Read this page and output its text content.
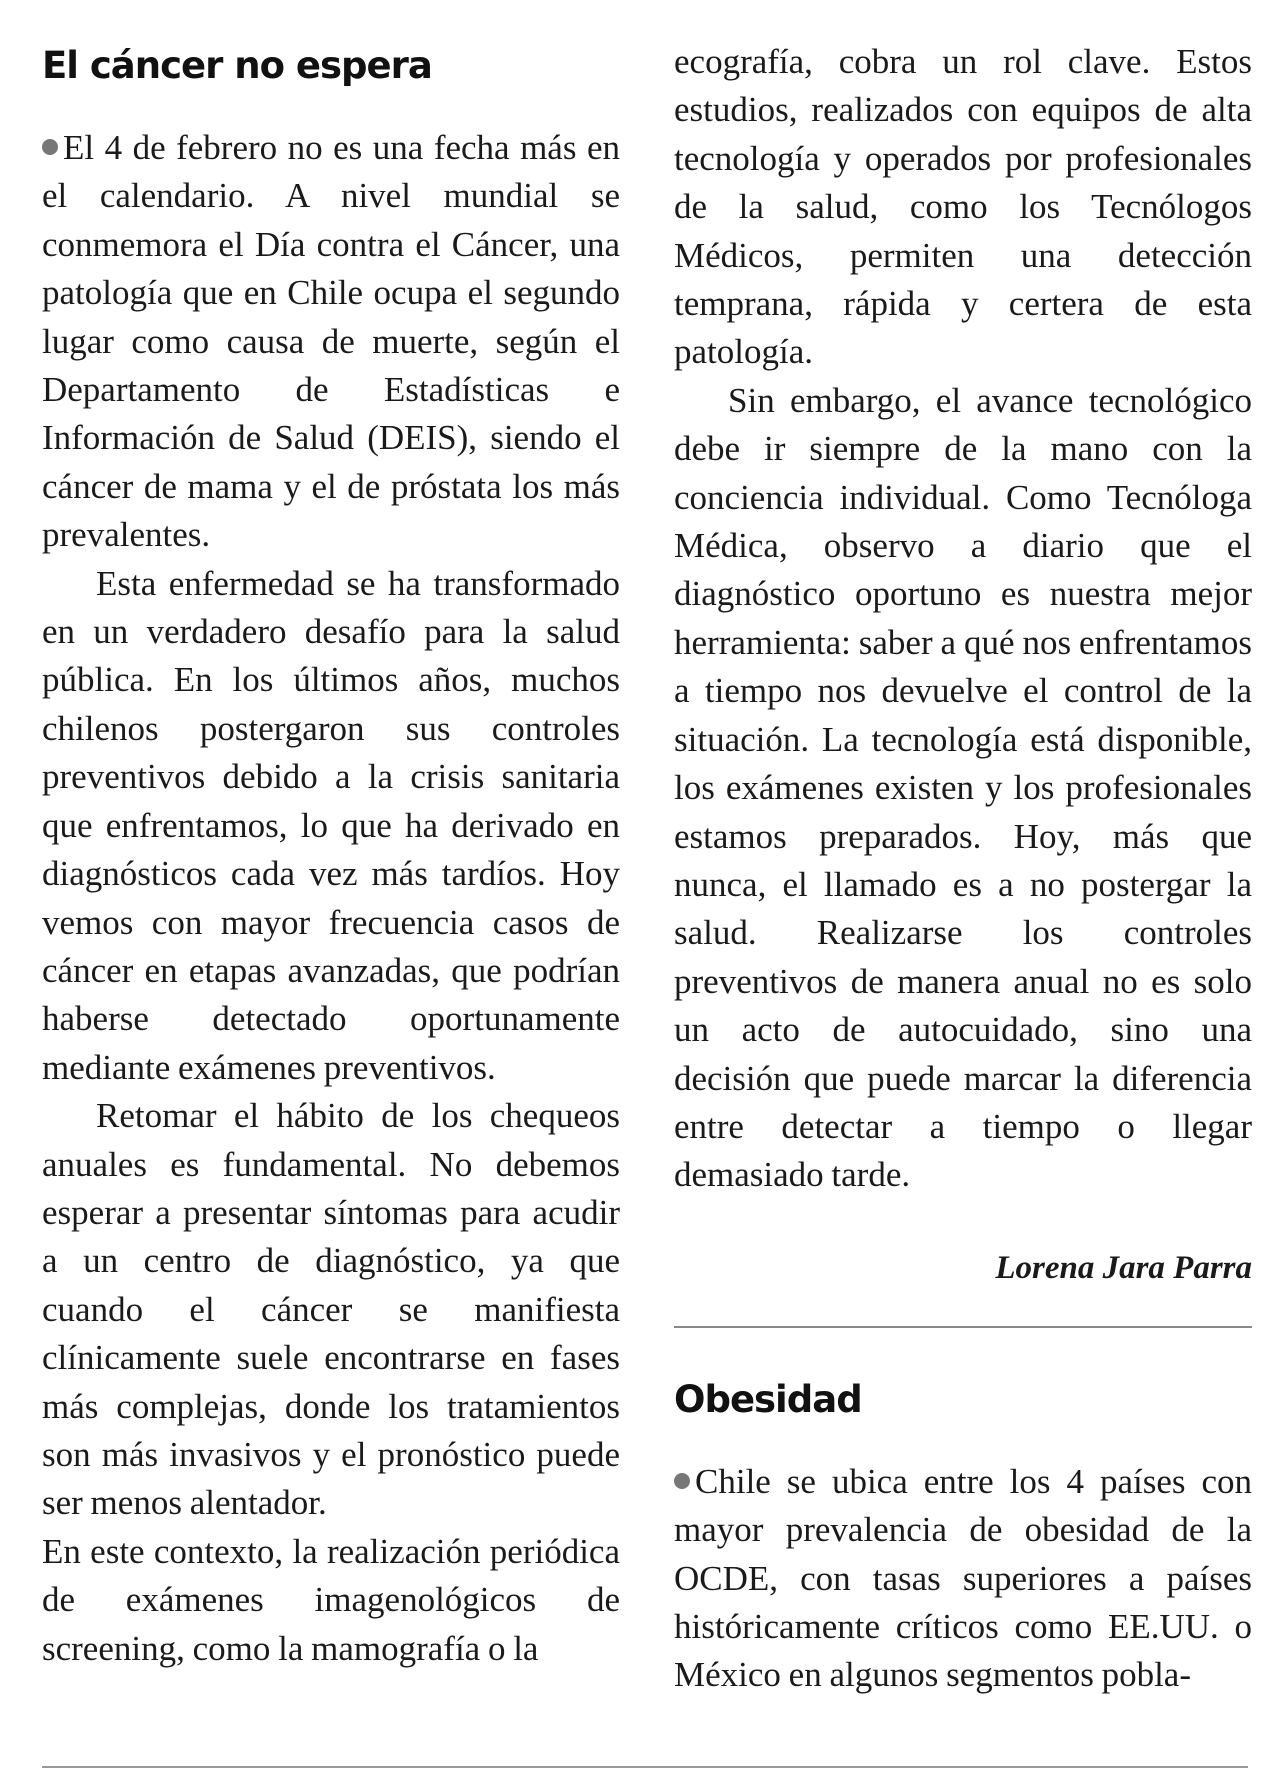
El cáncer no espera

El 4 de febrero no es una fecha más en el calendario. A nivel mundial se conmemora el Día contra el Cáncer, una patología que en Chile ocupa el segundo lugar como causa de muerte, según el Departamento de Estadísticas e Información de Salud (DEIS), siendo el cáncer de mama y el de próstata los más prevalentes.

Esta enfermedad se ha transformado en un verdadero desafío para la salud pública. En los últimos años, muchos chilenos postergaron sus controles preventivos debido a la crisis sanitaria que enfrentamos, lo que ha derivado en diagnósticos cada vez más tardíos. Hoy vemos con mayor frecuencia casos de cáncer en etapas avanzadas, que podrían haberse detectado oportunamente mediante exámenes preventivos.

Retomar el hábito de los chequeos anuales es fundamental. No debemos esperar a presentar síntomas para acudir a un centro de diagnóstico, ya que cuando el cáncer se manifiesta clínicamente suele encontrarse en fases más complejas, donde los tratamientos son más invasivos y el pronóstico puede ser menos alentador.

En este contexto, la realización periódica de exámenes imagenológicos de screening, como la mamografía o la

ecografía, cobra un rol clave. Estos estudios, realizados con equipos de alta tecnología y operados por profesionales de la salud, como los Tecnólogos Médicos, permiten una detección temprana, rápida y certera de esta patología.

Sin embargo, el avance tecnológico debe ir siempre de la mano con la conciencia individual. Como Tecnóloga Médica, observo a diario que el diagnóstico oportuno es nuestra mejor herramienta: saber a qué nos enfrentamos a tiempo nos devuelve el control de la situación. La tecnología está disponible, los exámenes existen y los profesionales estamos preparados. Hoy, más que nunca, el llamado es a no postergar la salud. Realizarse los controles preventivos de manera anual no es solo un acto de autocuidado, sino una decisión que puede marcar la diferencia entre detectar a tiempo o llegar demasiado tarde.

Lorena Jara Parra

Obesidad

Chile se ubica entre los 4 países con mayor prevalencia de obesidad de la OCDE, con tasas superiores a países históricamente críticos como EE.UU. o México en algunos segmentos pobla-
